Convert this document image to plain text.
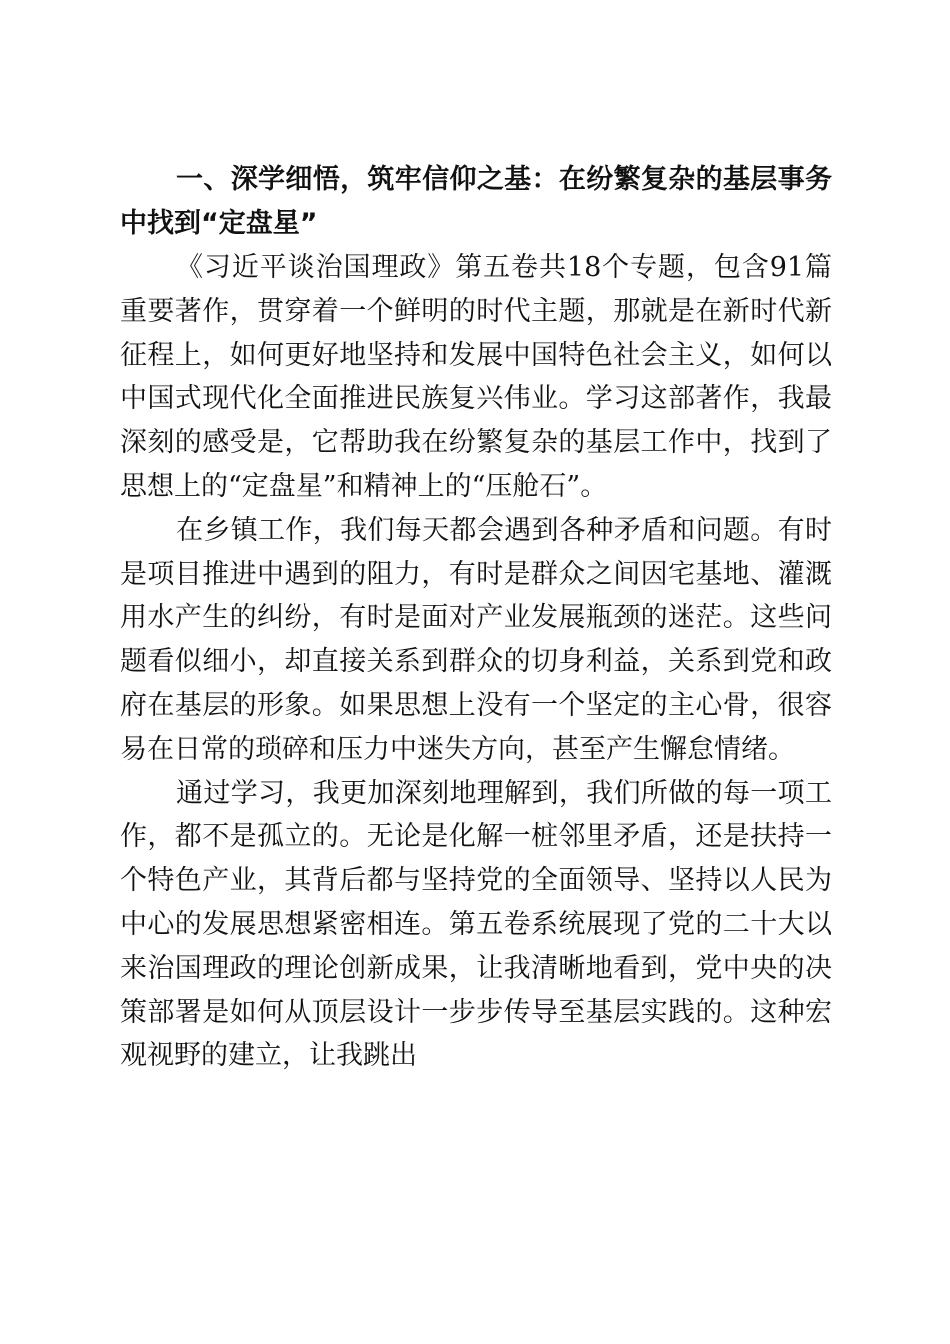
一、深学细悟，筑牢信仰之基：在纷繁复杂的基层事务中找到“定盘星”

《习近平谈治国理政》第五卷共18个专题，包含91篇重要著作，贯穿着一个鲜明的时代主题，那就是在新时代新征程上，如何更好地坚持和发展中国特色社会主义，如何以中国式现代化全面推进民族复兴伟业。学习这部著作，我最深刻的感受是，它帮助我在纷繁复杂的基层工作中，找到了思想上的“定盘星”和精神上的“压舱石”。

在乡镇工作，我们每天都会遇到各种矛盾和问题。有时是项目推进中遇到的阻力，有时是群众之间因宅基地、灌溉用水产生的纠纷，有时是面对产业发展瓶颈的迷茫。这些问题看似细小，却直接关系到群众的切身利益，关系到党和政府在基层的形象。如果思想上没有一个坚定的主心骨，很容易在日常的琐碎和压力中迷失方向，甚至产生懈怠情绪。

通过学习，我更加深刻地理解到，我们所做的每一项工作，都不是孤立的。无论是化解一桩邻里矛盾，还是扶持一个特色产业，其背后都与坚持党的全面领导、坚持以人民为中心的发展思想紧密相连。第五卷系统展现了党的二十大以来治国理政的理论创新成果，让我清晰地看到，党中央的决策部署是如何从顶层设计一步步传导至基层实践的。这种宏观视野的建立，让我跳出
